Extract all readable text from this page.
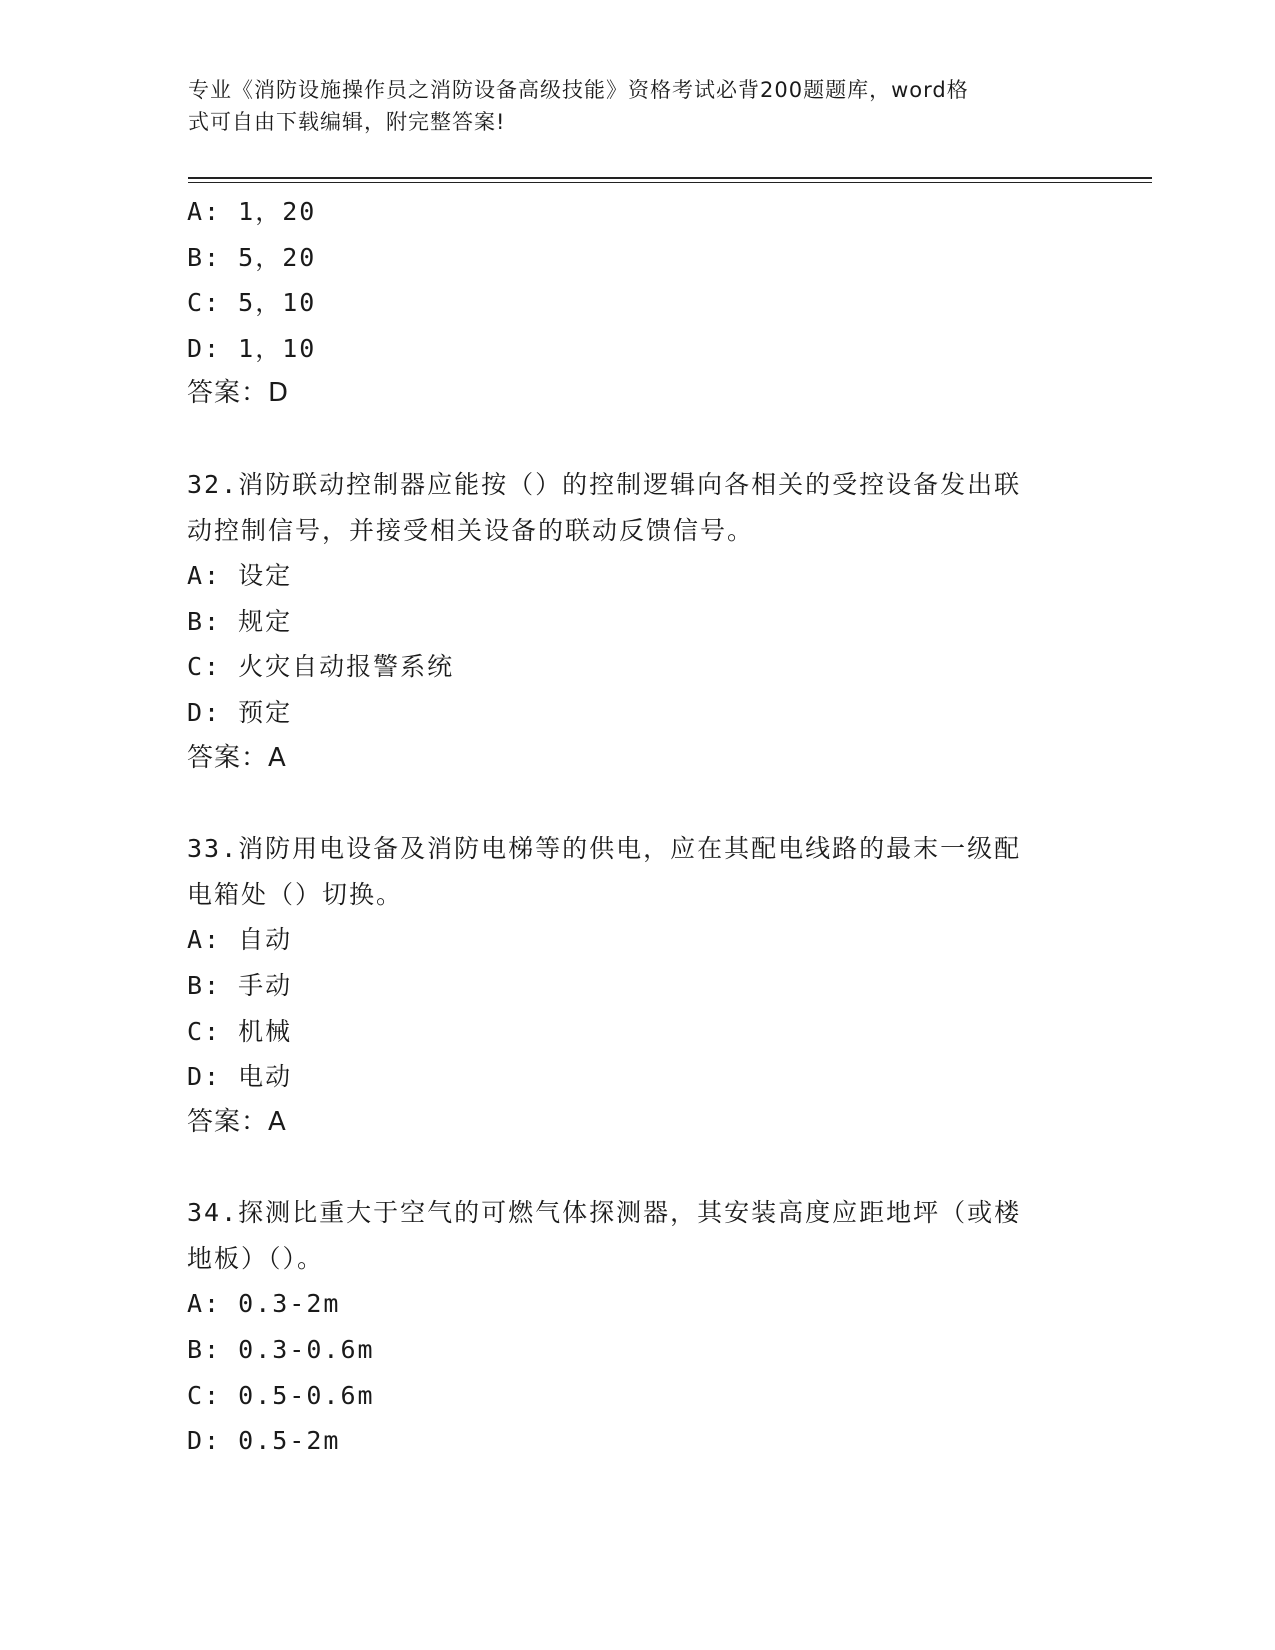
专业《消防设施操作员之消防设备高级技能》资格考试必背200题题库，word格
式可自由下载编辑，附完整答案!
A: 1，20
B: 5，20
C: 5，10
D: 1，10
答案：D
32.消防联动控制器应能按（）的控制逻辑向各相关的受控设备发出联
动控制信号，并接受相关设备的联动反馈信号。
A: 设定
B: 规定
C: 火灾自动报警系统
D: 预定
答案：A
33.消防用电设备及消防电梯等的供电，应在其配电线路的最末一级配
电箱处（）切换。
A: 自动
B: 手动
C: 机械
D: 电动
答案：A
34.探测比重大于空气的可燃气体探测器，其安装高度应距地坪（或楼
地板）（）。
A: 0.3-2m
B: 0.3-0.6m
C: 0.5-0.6m
D: 0.5-2m
